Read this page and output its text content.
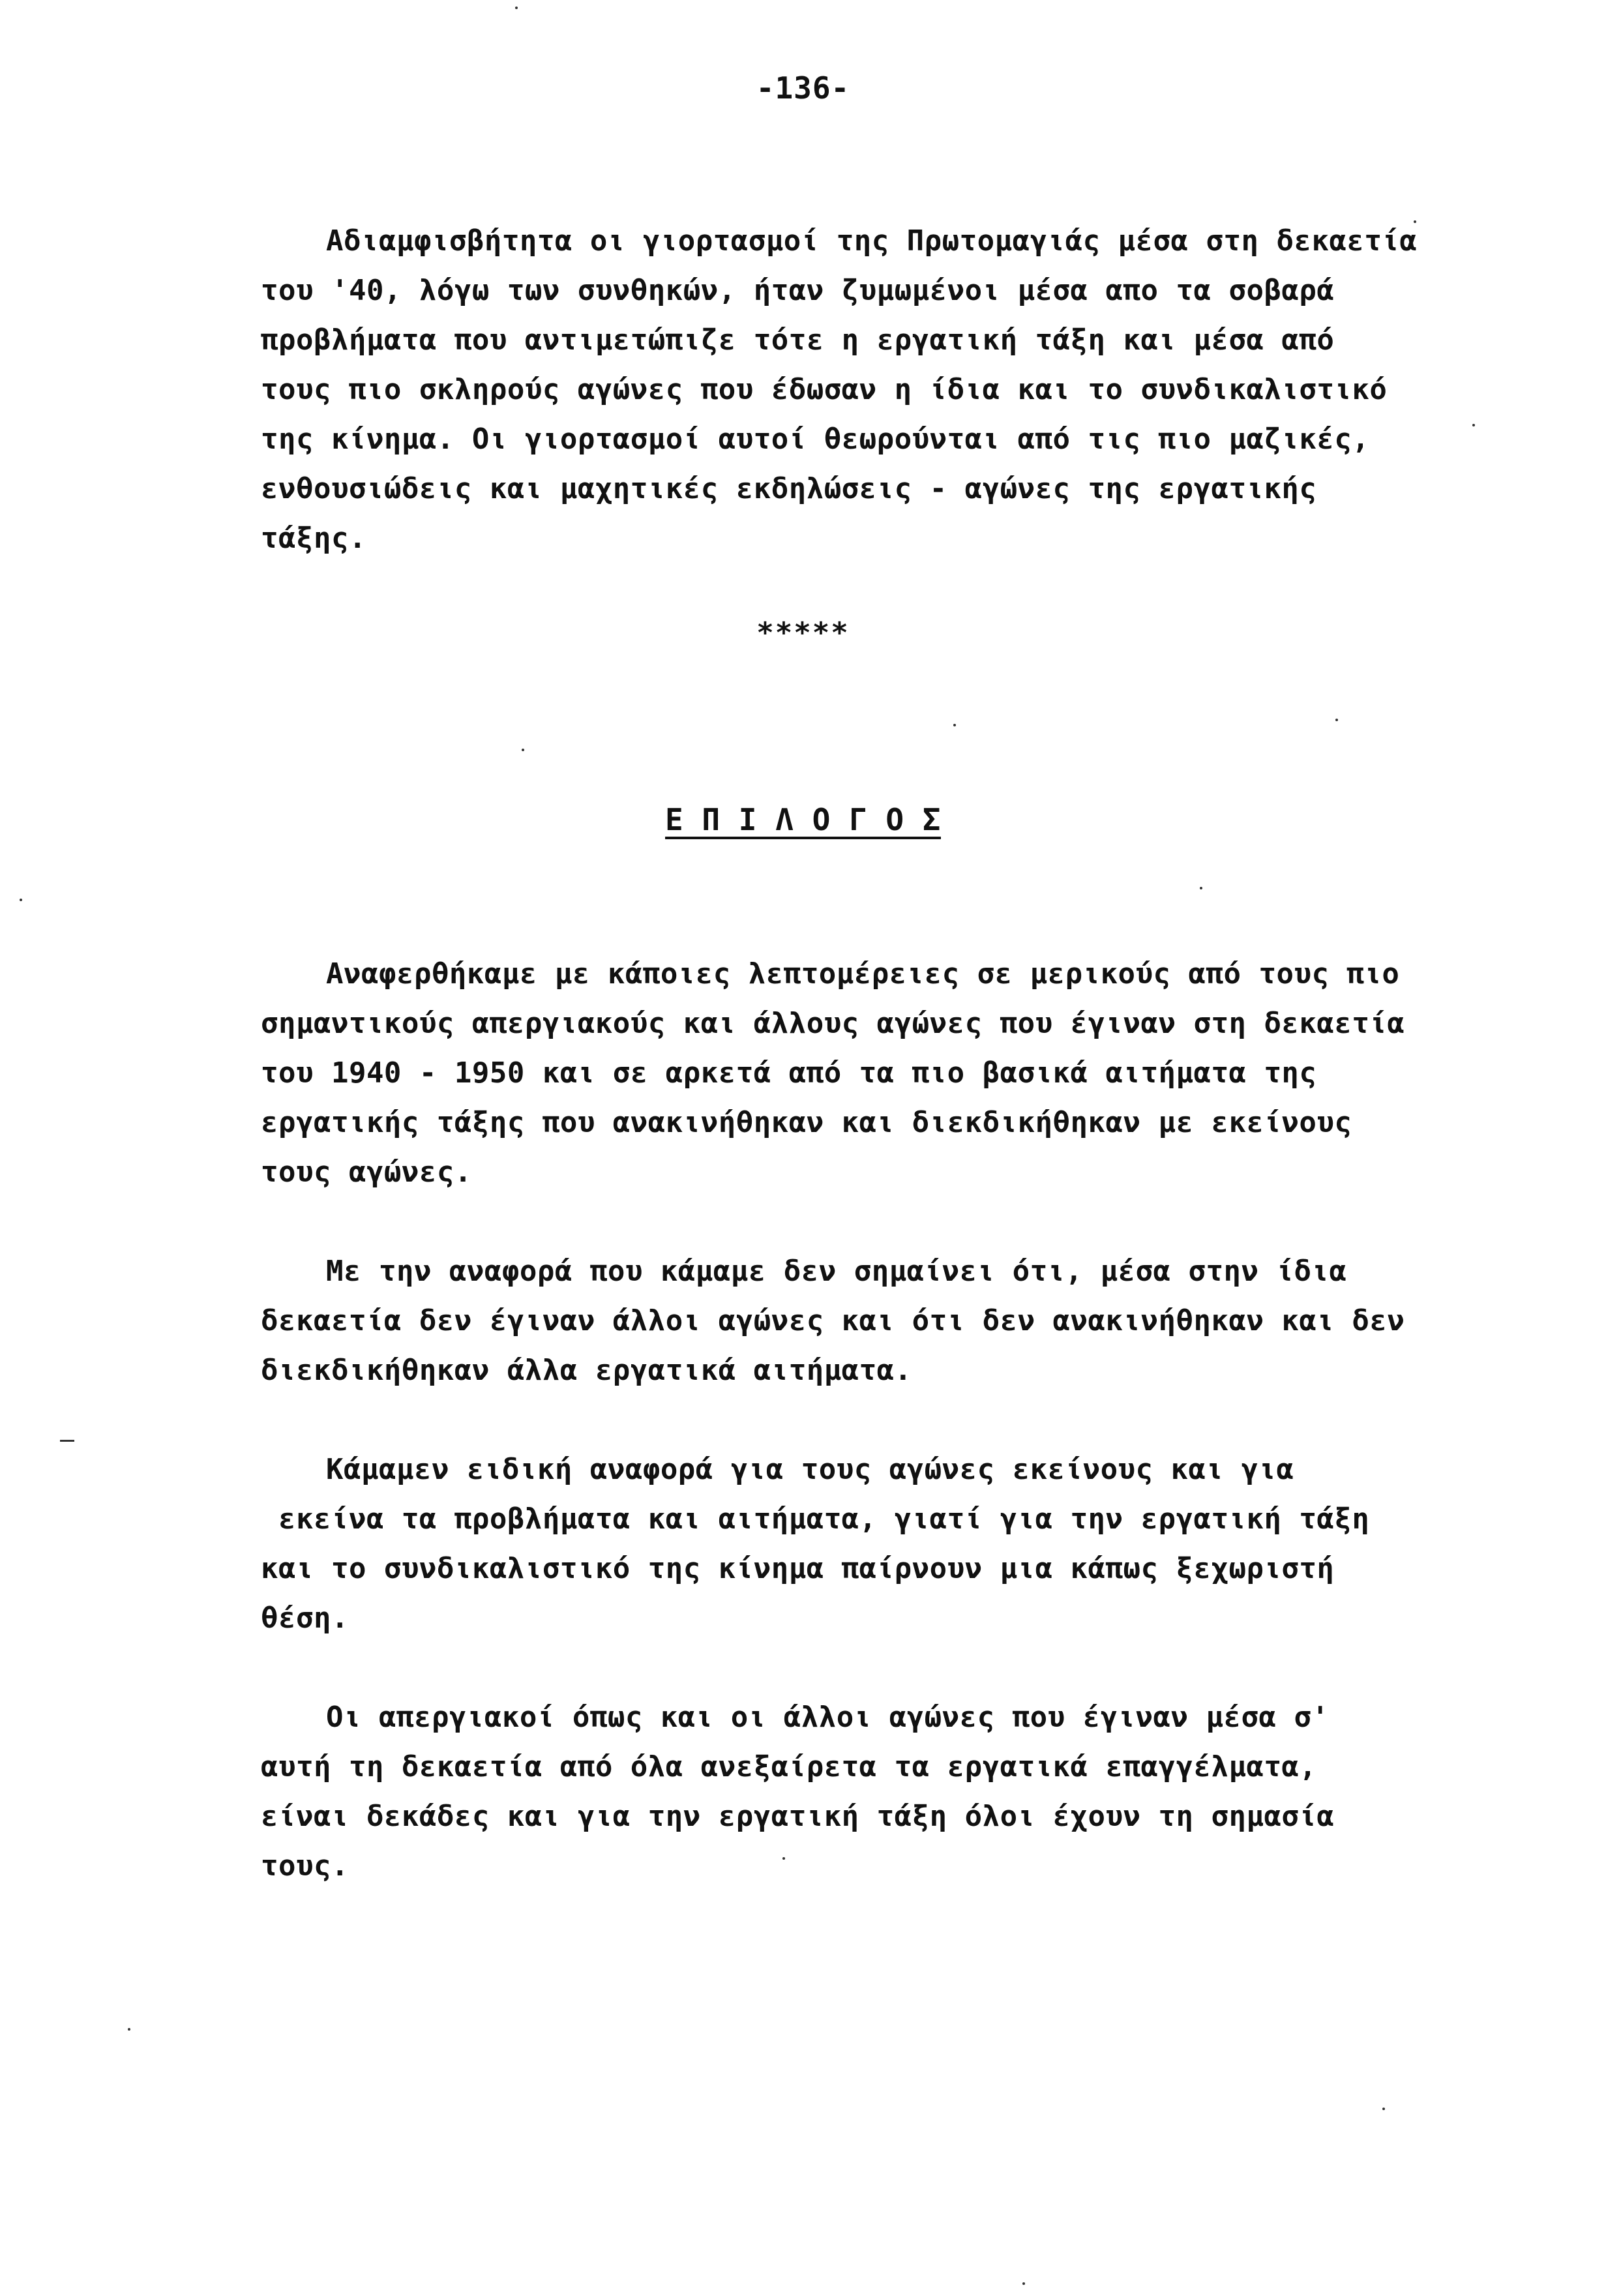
-136-
Αδιαμφισβήτητα οι γιορτασμοί της Πρωτομαγιάς μέσα στη δεκαετία
του '40, λόγω των συνθηκών, ήταν ζυμωμένοι μέσα απο τα σοβαρά
προβλήματα που αντιμετώπιζε τότε η εργατική τάξη και μέσα από
τους πιο σκληρούς αγώνες που έδωσαν η ίδια και το συνδικαλιστικό
της κίνημα. Οι γιορτασμοί αυτοί θεωρούνται από τις πιο μαζικές,
ενθουσιώδεις και μαχητικές εκδηλώσεις - αγώνες της εργατικής
τάξης.
*****
Ε Π Ι Λ Ο Γ Ο Σ
Αναφερθήκαμε με κάποιες λεπτομέρειες σε μερικούς από τους πιο
σημαντικούς απεργιακούς και άλλους αγώνες που έγιναν στη δεκαετία
του 1940 - 1950 και σε αρκετά από τα πιο βασικά αιτήματα της
εργατικής τάξης που ανακινήθηκαν και διεκδικήθηκαν με εκείνους
τους αγώνες.
Με την αναφορά που κάμαμε δεν σημαίνει ότι, μέσα στην ίδια
δεκαετία δεν έγιναν άλλοι αγώνες και ότι δεν ανακινήθηκαν και δεν
διεκδικήθηκαν άλλα εργατικά αιτήματα.
Κάμαμεν ειδική αναφορά για τους αγώνες εκείνους και για
εκείνα τα προβλήματα και αιτήματα, γιατί για την εργατική τάξη
και το συνδικαλιστικό της κίνημα παίρνουν μια κάπως ξεχωριστή
θέση.
Οι απεργιακοί όπως και οι άλλοι αγώνες που έγιναν μέσα σ'
αυτή τη δεκαετία από όλα ανεξαίρετα τα εργατικά επαγγέλματα,
είναι δεκάδες και για την εργατική τάξη όλοι έχουν τη σημασία
τους.
